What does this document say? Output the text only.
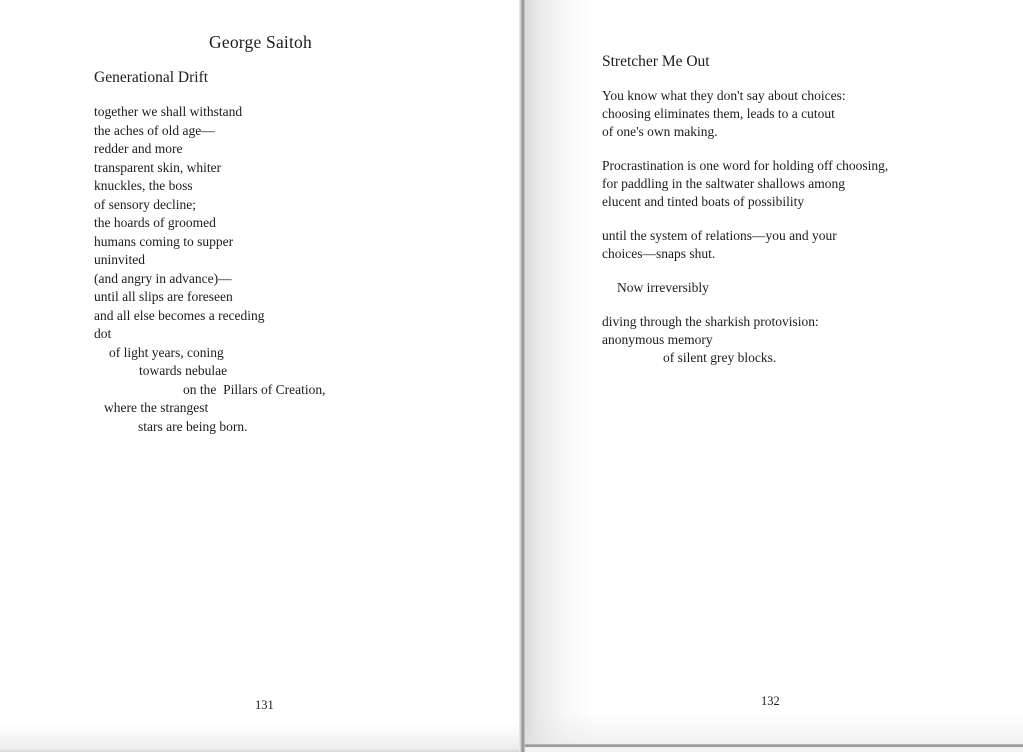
George Saitoh
Generational Drift
together we shall withstand
the aches of old age—
redder and more
transparent skin, whiter
knuckles, the boss
of sensory decline;
the hoards of groomed
humans coming to supper
uninvited
(and angry in advance)—
until all slips are foreseen
and all else becomes a receding
dot
of light years, coning
towards nebulae
on the  Pillars of Creation,
where the strangest
stars are being born.
131
Stretcher Me Out
You know what they don't say about choices:
choosing eliminates them, leads to a cutout
of one's own making.
Procrastination is one word for holding off choosing,
for paddling in the saltwater shallows among
elucent and tinted boats of possibility
until the system of relations—you and your
choices—snaps shut.
Now irreversibly
diving through the sharkish protovision:
anonymous memory
of silent grey blocks.
132
